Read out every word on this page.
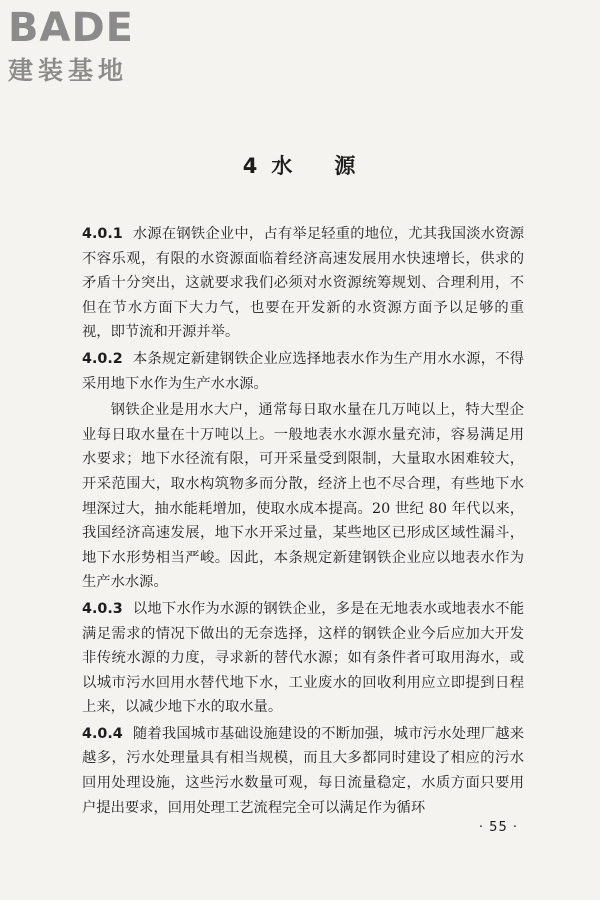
BADE
建装基地
4 水 源

4.0.1 水源在钢铁企业中，占有举足轻重的地位，尤其我国淡水资源不容乐观，有限的水资源面临着经济高速发展用水快速增长，供求的矛盾十分突出，这就要求我们必须对水资源统筹规划、合理利用，不但在节水方面下大力气，也要在开发新的水资源方面予以足够的重视，即节流和开源并举。

4.0.2 本条规定新建钢铁企业应选择地表水作为生产用水水源，不得采用地下水作为生产水水源。

钢铁企业是用水大户，通常每日取水量在几万吨以上，特大型企业每日取水量在十万吨以上。一般地表水水源水量充沛，容易满足用水要求；地下水径流有限，可开采量受到限制，大量取水困难较大，开采范围大，取水构筑物多而分散，经济上也不尽合理，有些地下水埋深过大，抽水能耗增加，使取水成本提高。20 世纪 80 年代以来，我国经济高速发展，地下水开采过量，某些地区已形成区域性漏斗，地下水形势相当严峻。因此，本条规定新建钢铁企业应以地表水作为生产水水源。

4.0.3 以地下水作为水源的钢铁企业，多是在无地表水或地表水不能满足需求的情况下做出的无奈选择，这样的钢铁企业今后应加大开发非传统水源的力度，寻求新的替代水源；如有条件者可取用海水，或以城市污水回用水替代地下水，工业废水的回收利用应立即提到日程上来，以减少地下水的取水量。

4.0.4 随着我国城市基础设施建设的不断加强，城市污水处理厂越来越多，污水处理量具有相当规模，而且大多都同时建设了相应的污水回用处理设施，这些污水数量可观，每日流量稳定，水质方面只要用户提出要求，回用处理工艺流程完全可以满足作为循环

· 55 ·
